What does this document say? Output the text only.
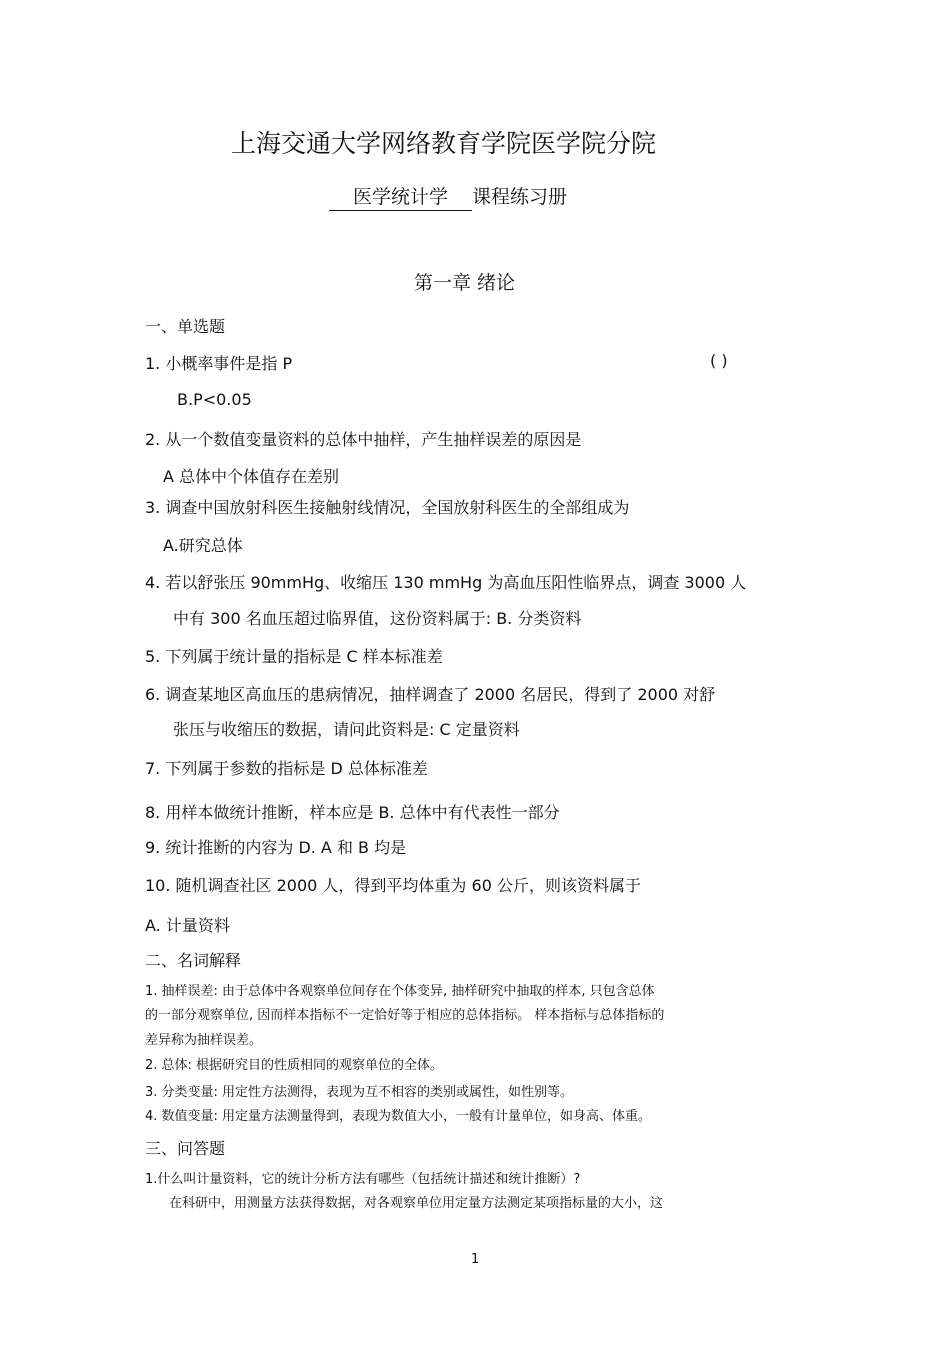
上海交通大学网络教育学院医学院分院
医学统计学 课程练习册
第一章 绪论
一、单选题
1. 小概率事件是指 P	( )
B.P<0.05
2. 从一个数值变量资料的总体中抽样，产生抽样误差的原因是
A 总体中个体值存在差别
3. 调查中国放射科医生接触射线情况，全国放射科医生的全部组成为
A.研究总体
4. 若以舒张压 90mmHg、收缩压 130 mmHg 为高血压阳性临界点，调查 3000 人
中有 300 名血压超过临界值，这份资料属于: B. 分类资料
5. 下列属于统计量的指标是 C 样本标准差
6. 调查某地区高血压的患病情况，抽样调查了 2000 名居民，得到了 2000 对舒
张压与收缩压的数据，请问此资料是: C 定量资料
7. 下列属于参数的指标是 D 总体标准差
8. 用样本做统计推断，样本应是 B. 总体中有代表性一部分
9. 统计推断的内容为 D. A 和 B 均是
10. 随机调查社区 2000 人，得到平均体重为 60 公斤，则该资料属于
A. 计量资料
二、名词解释
1. 抽样误差: 由于总体中各观察单位间存在个体变异, 抽样研究中抽取的样本, 只包含总体
的一部分观察单位, 因而样本指标不一定恰好等于相应的总体指标。 样本指标与总体指标的
差异称为抽样误差。
2. 总体: 根据研究目的性质相同的观察单位的全体。
3. 分类变量: 用定性方法测得，表现为互不相容的类别或属性，如性别等。
4. 数值变量: 用定量方法测量得到，表现为数值大小，一般有计量单位，如身高、体重。
三、问答题
1.什么叫计量资料，它的统计分析方法有哪些（包括统计描述和统计推断）?
在科研中，用测量方法获得数据，对各观察单位用定量方法测定某项指标量的大小，这
1
